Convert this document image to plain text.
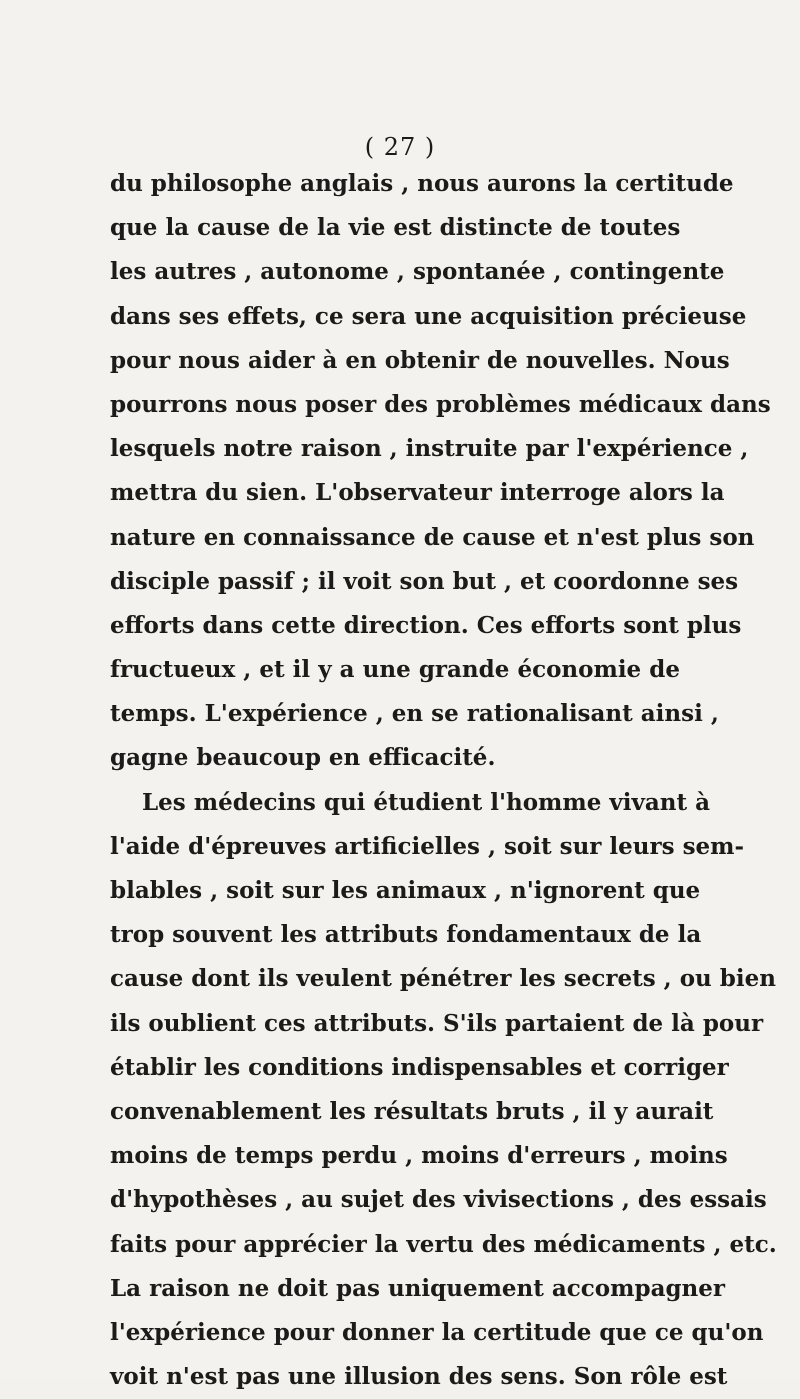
( 27 )
du philosophe anglais , nous aurons la certitude
que la cause de la vie est distincte de toutes
les autres , autonome , spontanée , contingente
dans ses effets, ce sera une acquisition précieuse
pour nous aider à en obtenir de nouvelles. Nous
pourrons nous poser des problèmes médicaux dans
lesquels notre raison , instruite par l'expérience ,
mettra du sien. L'observateur interroge alors la
nature en connaissance de cause et n'est plus son
disciple passif ; il voit son but , et coordonne ses
efforts dans cette direction. Ces efforts sont plus
fructueux , et il y a une grande économie de
temps. L'expérience , en se rationalisant ainsi ,
gagne beaucoup en efficacité.
Les médecins qui étudient l'homme vivant à
l'aide d'épreuves artificielles , soit sur leurs sem-
blables , soit sur les animaux , n'ignorent que
trop souvent les attributs fondamentaux de la
cause dont ils veulent pénétrer les secrets , ou bien
ils oublient ces attributs. S'ils partaient de là pour
établir les conditions indispensables et corriger
convenablement les résultats bruts , il y aurait
moins de temps perdu , moins d'erreurs , moins
d'hypothèses , au sujet des vivisections , des essais
faits pour apprécier la vertu des médicaments , etc.
La raison ne doit pas uniquement accompagner
l'expérience pour donner la certitude que ce qu'on
voit n'est pas une illusion des sens. Son rôle est
